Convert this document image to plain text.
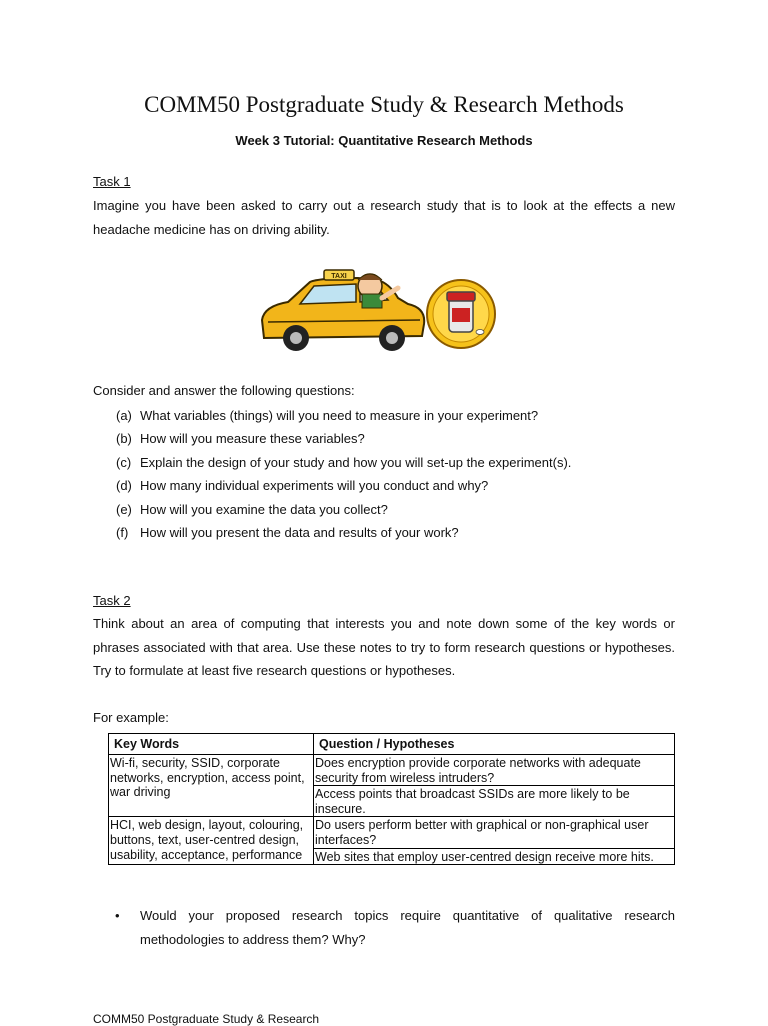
COMM50 Postgraduate Study & Research Methods
Week 3 Tutorial: Quantitative Research Methods
Task 1
Imagine you have been asked to carry out a research study that is to look at the effects a new headache medicine has on driving ability.
TAXI
Consider and answer the following questions:
(a) What variables (things) will you need to measure in your experiment?
(b) How will you measure these variables?
(c) Explain the design of your study and how you will set-up the experiment(s).
(d) How many individual experiments will you conduct and why?
(e) How will you examine the data you collect?
(f) How will you present the data and results of your work?
Task 2
Think about an area of computing that interests you and note down some of the key words or phrases associated with that area. Use these notes to try to form research questions or hypotheses. Try to formulate at least five research questions or hypotheses.
For example:
Key Words	Question / Hypotheses
Wi-fi, security, SSID, corporate networks, encryption, access point, war driving	Does encryption provide corporate networks with adequate security from wireless intruders?
	Access points that broadcast SSIDs are more likely to be insecure.
HCI, web design, layout, colouring, buttons, text, user-centred design, usability, acceptance, performance	Do users perform better with graphical or non-graphical user interfaces?
	Web sites that employ user-centred design receive more hits.
•	Would your proposed research topics require quantitative of qualitative research methodologies to address them? Why?
COMM50 Postgraduate Study & Research
